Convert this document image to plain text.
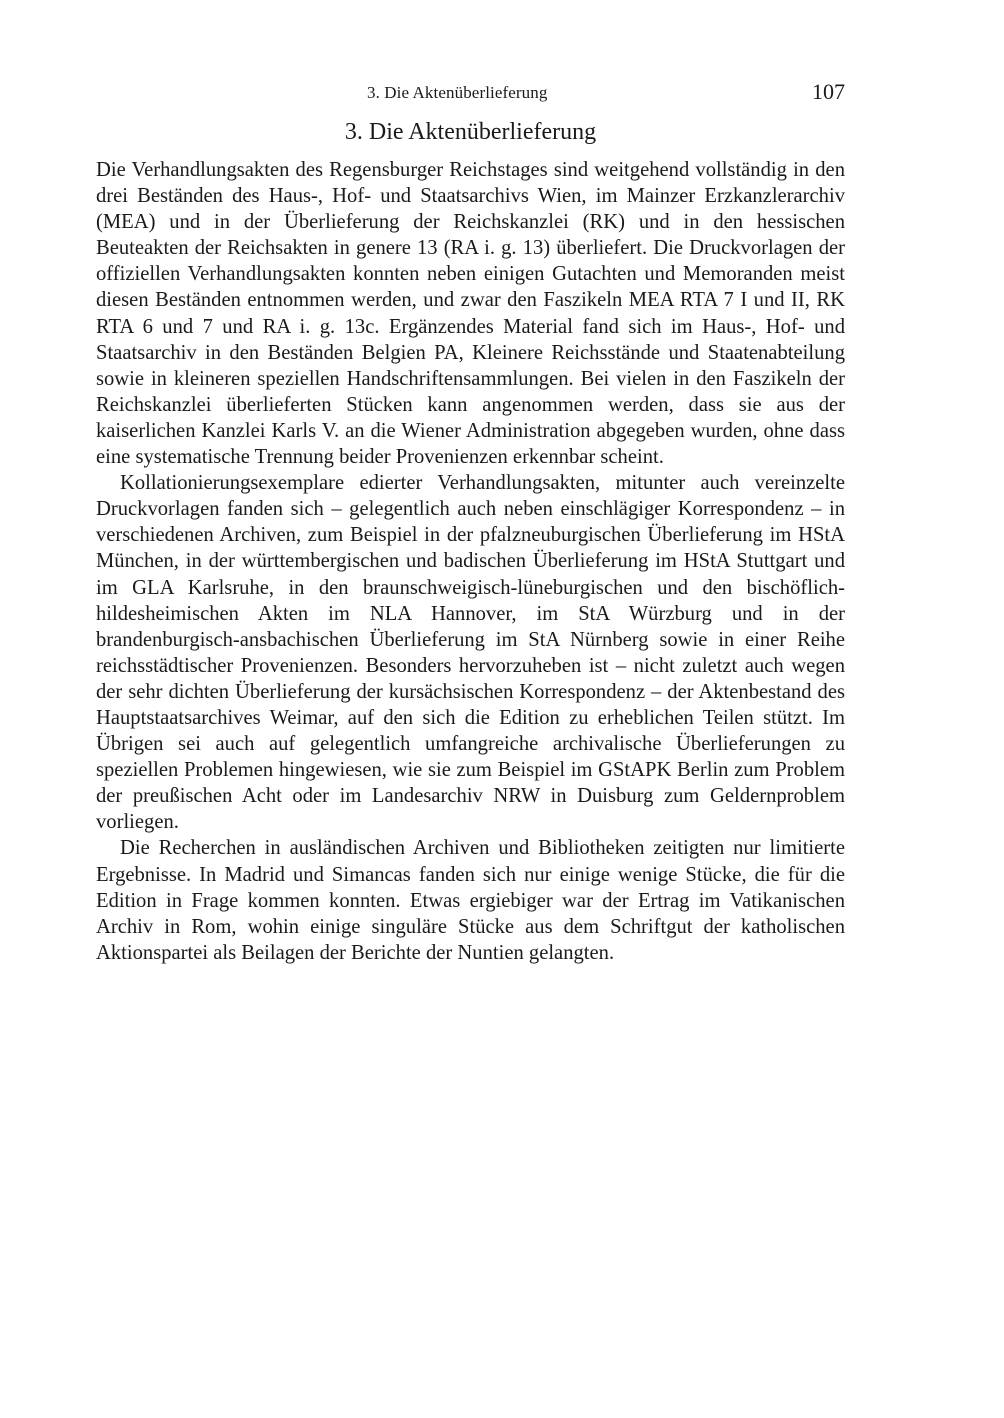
3. Die Aktenüberlieferung	107
3. Die Aktenüberlieferung

Die Verhandlungsakten des Regensburger Reichstages sind weitgehend vollständig in den drei Beständen des Haus-, Hof- und Staatsarchivs Wien, im Mainzer Erzkanzlerarchiv (MEA) und in der Überlieferung der Reichskanzlei (RK) und in den hessischen Beuteakten der Reichsakten in genere 13 (RA i. g. 13) überliefert. Die Druckvorlagen der offiziellen Verhandlungsakten konnten neben einigen Gutachten und Memoranden meist diesen Beständen entnommen werden, und zwar den Faszikeln MEA RTA 7 I und II, RK RTA 6 und 7 und RA i. g. 13c. Ergänzendes Material fand sich im Haus-, Hof- und Staatsarchiv in den Beständen Belgien PA, Kleinere Reichsstände und Staatenabteilung sowie in kleineren speziellen Handschriftensammlungen. Bei vielen in den Faszikeln der Reichskanzlei überlieferten Stücken kann angenommen werden, dass sie aus der kaiserlichen Kanzlei Karls V. an die Wiener Administration abgegeben wurden, ohne dass eine systematische Trennung beider Provenienzen erkennbar scheint.

Kollationierungsexemplare edierter Verhandlungsakten, mitunter auch vereinzelte Druckvorlagen fanden sich – gelegentlich auch neben einschlägiger Korrespondenz – in verschiedenen Archiven, zum Beispiel in der pfalzneuburgischen Überlieferung im HStA München, in der württembergischen und badischen Überlieferung im HStA Stuttgart und im GLA Karlsruhe, in den braunschweigisch-lüneburgischen und den bischöflich-hildesheimischen Akten im NLA Hannover, im StA Würzburg und in der brandenburgisch-ansbachischen Überlieferung im StA Nürnberg sowie in einer Reihe reichsstädtischer Provenienzen. Besonders hervorzuheben ist – nicht zuletzt auch wegen der sehr dichten Überlieferung der kursächsischen Korrespondenz – der Aktenbestand des Hauptstaatsarchives Weimar, auf den sich die Edition zu erheblichen Teilen stützt. Im Übrigen sei auch auf gelegentlich umfangreiche archivalische Überlieferungen zu speziellen Problemen hingewiesen, wie sie zum Beispiel im GStAPK Berlin zum Problem der preußischen Acht oder im Landesarchiv NRW in Duisburg zum Geldernproblem vorliegen.

Die Recherchen in ausländischen Archiven und Bibliotheken zeitigten nur limitierte Ergebnisse. In Madrid und Simancas fanden sich nur einige wenige Stücke, die für die Edition in Frage kommen konnten. Etwas ergiebiger war der Ertrag im Vatikanischen Archiv in Rom, wohin einige singuläre Stücke aus dem Schriftgut der katholischen Aktionspartei als Beilagen der Berichte der Nuntien gelangten.
